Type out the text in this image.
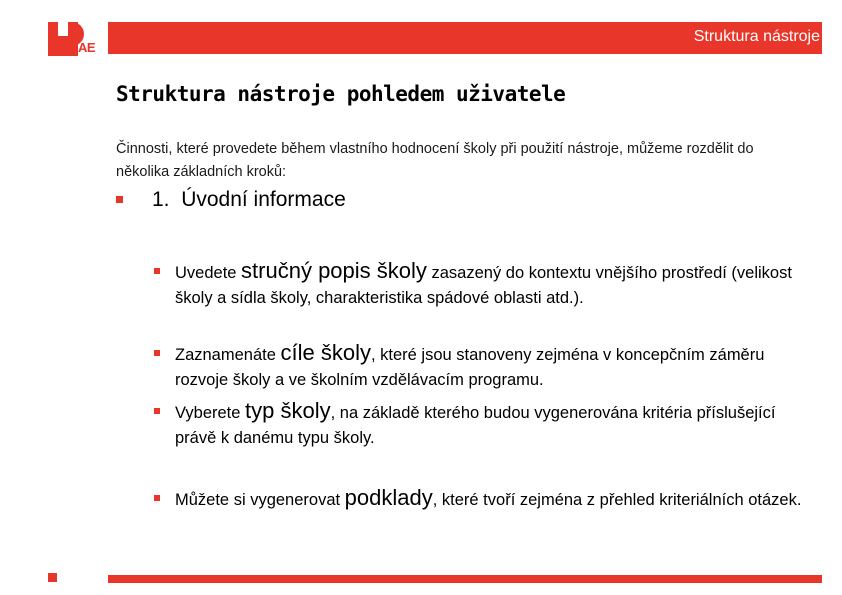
AE
Struktura nástroje
Cesta ke kvalitě
Struktura nástroje pohledem uživatele
Činnosti, které provedete během vlastního hodnocení školy při použití nástroje, můžeme rozdělit do několika základních kroků:
1. Úvodní informace
Uvedete stručný popis školy zasazený do kontextu vnějšího prostředí (velikost školy a sídla školy, charakteristika spádové oblasti atd.).
Zaznamenáte cíle školy, které jsou stanoveny zejména v koncepčním záměru rozvoje školy a ve školním vzdělávacím programu.
Vyberete typ školy, na základě kterého budou vygenerována kritéria příslušející právě k danému typu školy.
Můžete si vygenerovat podklady, které tvoří zejména z přehled kriteriálních otázek.
